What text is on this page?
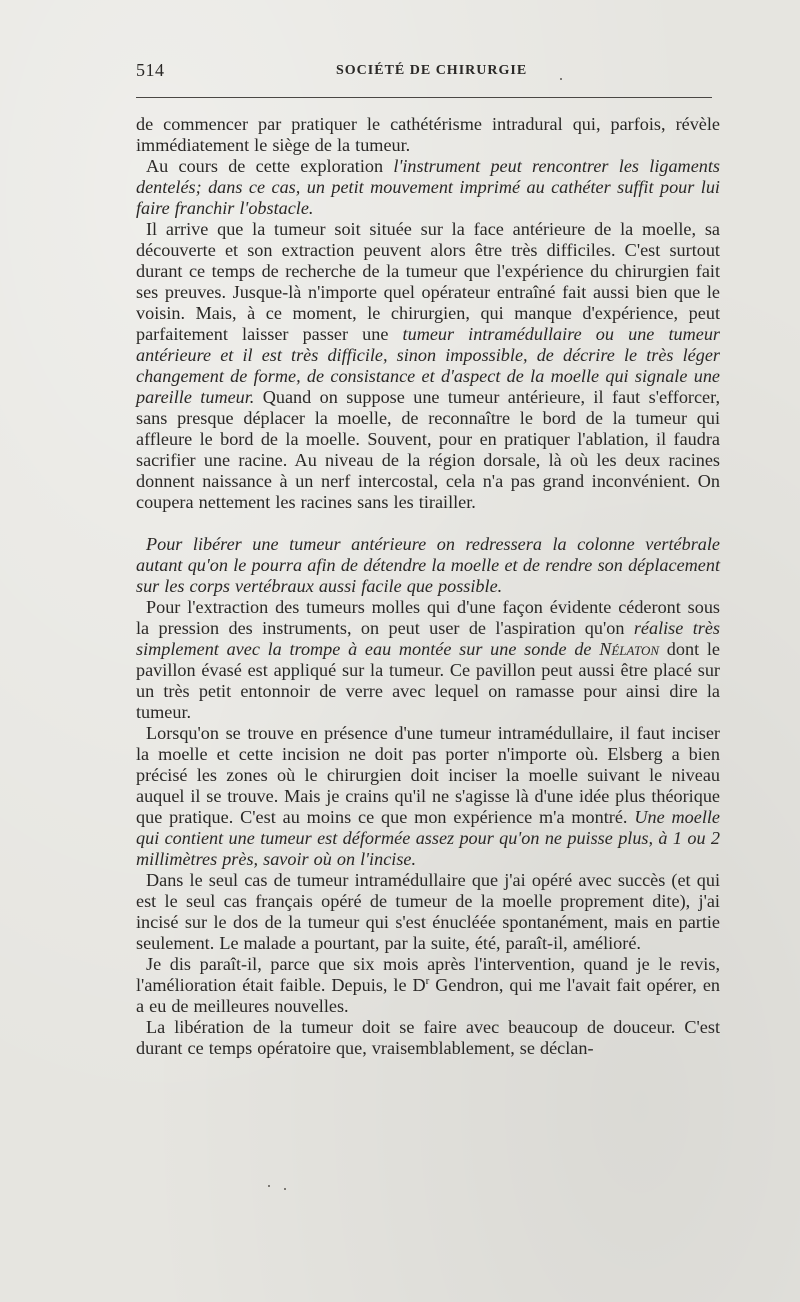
514	SOCIÉTÉ DE CHIRURGIE

de commencer par pratiquer le cathétérisme intradural qui, parfois, révèle immédiatement le siège de la tumeur.

Au cours de cette exploration l'instrument peut rencontrer les ligaments dentelés; dans ce cas, un petit mouvement imprimé au cathéter suffit pour lui faire franchir l'obstacle.

Il arrive que la tumeur soit située sur la face antérieure de la moelle, sa découverte et son extraction peuvent alors être très difficiles. C'est surtout durant ce temps de recherche de la tumeur que l'expérience du chirurgien fait ses preuves. Jusque-là n'importe quel opérateur entraîné fait aussi bien que le voisin. Mais, à ce moment, le chirurgien, qui manque d'expérience, peut parfaitement laisser passer une tumeur intramédullaire ou une tumeur antérieure et il est très difficile, sinon impossible, de décrire le très léger changement de forme, de consistance et d'aspect de la moelle qui signale une pareille tumeur. Quand on suppose une tumeur antérieure, il faut s'efforcer, sans presque déplacer la moelle, de reconnaître le bord de la tumeur qui affleure le bord de la moelle. Souvent, pour en pratiquer l'ablation, il faudra sacrifier une racine. Au niveau de la région dorsale, là où les deux racines donnent naissance à un nerf intercostal, cela n'a pas grand inconvénient. On coupera nettement les racines sans les tirailler.

Pour libérer une tumeur antérieure on redressera la colonne vertébrale autant qu'on le pourra afin de détendre la moelle et de rendre son déplacement sur les corps vertébraux aussi facile que possible.

Pour l'extraction des tumeurs molles qui d'une façon évidente céderont sous la pression des instruments, on peut user de l'aspiration qu'on réalise très simplement avec la trompe à eau montée sur une sonde de Nélaton dont le pavillon évasé est appliqué sur la tumeur. Ce pavillon peut aussi être placé sur un très petit entonnoir de verre avec lequel on ramasse pour ainsi dire la tumeur.

Lorsqu'on se trouve en présence d'une tumeur intramédullaire, il faut inciser la moelle et cette incision ne doit pas porter n'importe où. Elsberg a bien précisé les zones où le chirurgien doit inciser la moelle suivant le niveau auquel il se trouve. Mais je crains qu'il ne s'agisse là d'une idée plus théorique que pratique. C'est au moins ce que mon expérience m'a montré. Une moelle qui contient une tumeur est déformée assez pour qu'on ne puisse plus, à 1 ou 2 millimètres près, savoir où on l'incise.

Dans le seul cas de tumeur intramédullaire que j'ai opéré avec succès (et qui est le seul cas français opéré de tumeur de la moelle proprement dite), j'ai incisé sur le dos de la tumeur qui s'est énucléée spontanément, mais en partie seulement. Le malade a pourtant, par la suite, été, paraît-il, amélioré.

Je dis paraît-il, parce que six mois après l'intervention, quand je le revis, l'amélioration était faible. Depuis, le $D^r$ Gendron, qui me l'avait fait opérer, en a eu de meilleures nouvelles.

La libération de la tumeur doit se faire avec beaucoup de douceur. C'est durant ce temps opératoire que, vraisemblablement, se déclan-
